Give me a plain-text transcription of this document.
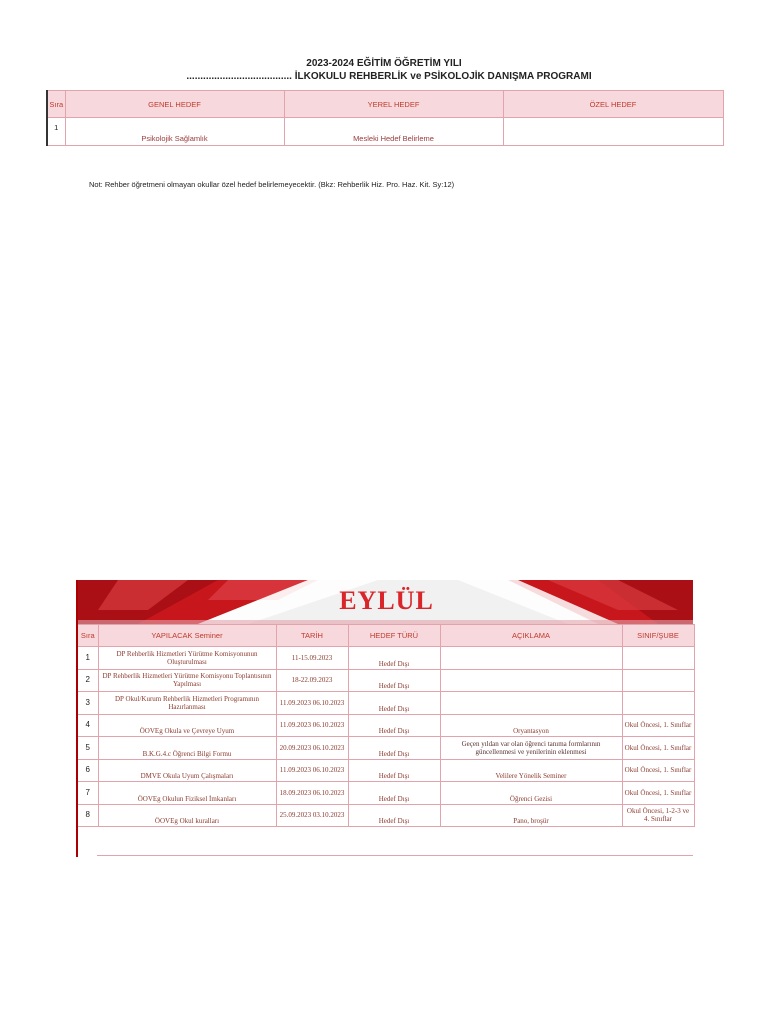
2023-2024 EĞİTİM ÖĞRETİM YILI

...................................... İLKOKULU REHBERLİK ve PSİKOLOJİK DANIŞMA PROGRAMI
Sıra	GENEL HEDEF	YEREL HEDEF	ÖZEL HEDEF
1	Psikolojik Sağlamlık	Mesleki Hedef Belirleme	
Not: Rehber öğretmeni olmayan okullar özel hedef belirlemeyecektir. (Bkz: Rehberlik Hiz. Pro. Haz. Kit. Sy:12)
EYLÜL
Sıra	YAPILACAK Seminer	TARİH	HEDEF TÜRÜ	AÇIKLAMA	SINIF/ŞUBE
1	DP Rehberlik Hizmetleri Yürütme Komisyonunun Oluşturulması	11-15.09.2023	Hedef Dışı		
2	DP Rehberlik Hizmetleri Yürütme Komisyonu Toplantısının Yapılması	18-22.09.2023	Hedef Dışı		
3	DP Okul/Kurum Rehberlik Hizmetleri Programının Hazırlanması	11.09.2023 06.10.2023	Hedef Dışı		
4	ÖOVEg Okula ve Çevreye Uyum	11.09.2023 06.10.2023	Hedef Dışı	Oryantasyon	Okul Öncesi, 1. Sınıflar
5	B.K.G.4.c Öğrenci Bilgi Formu	20.09.2023 06.10.2023	Hedef Dışı	Geçen yıldan var olan öğrenci tanıma formlarının güncellenmesi ve yenilerinin eklenmesi	Okul Öncesi, 1. Sınıflar
6	DMVE Okula Uyum Çalışmaları	11.09.2023 06.10.2023	Hedef Dışı	Velilere Yönelik Seminer	Okul Öncesi, 1. Sınıflar
7	ÖOVEg Okulun Fiziksel İmkanları	18.09.2023 06.10.2023	Hedef Dışı	Öğrenci Gezisi	Okul Öncesi, 1. Sınıflar
8	ÖOVEg Okul kuralları	25.09.2023 03.10.2023	Hedef Dışı	Pano, broşür	Okul Öncesi, 1-2-3 ve 4. Sınıflar
